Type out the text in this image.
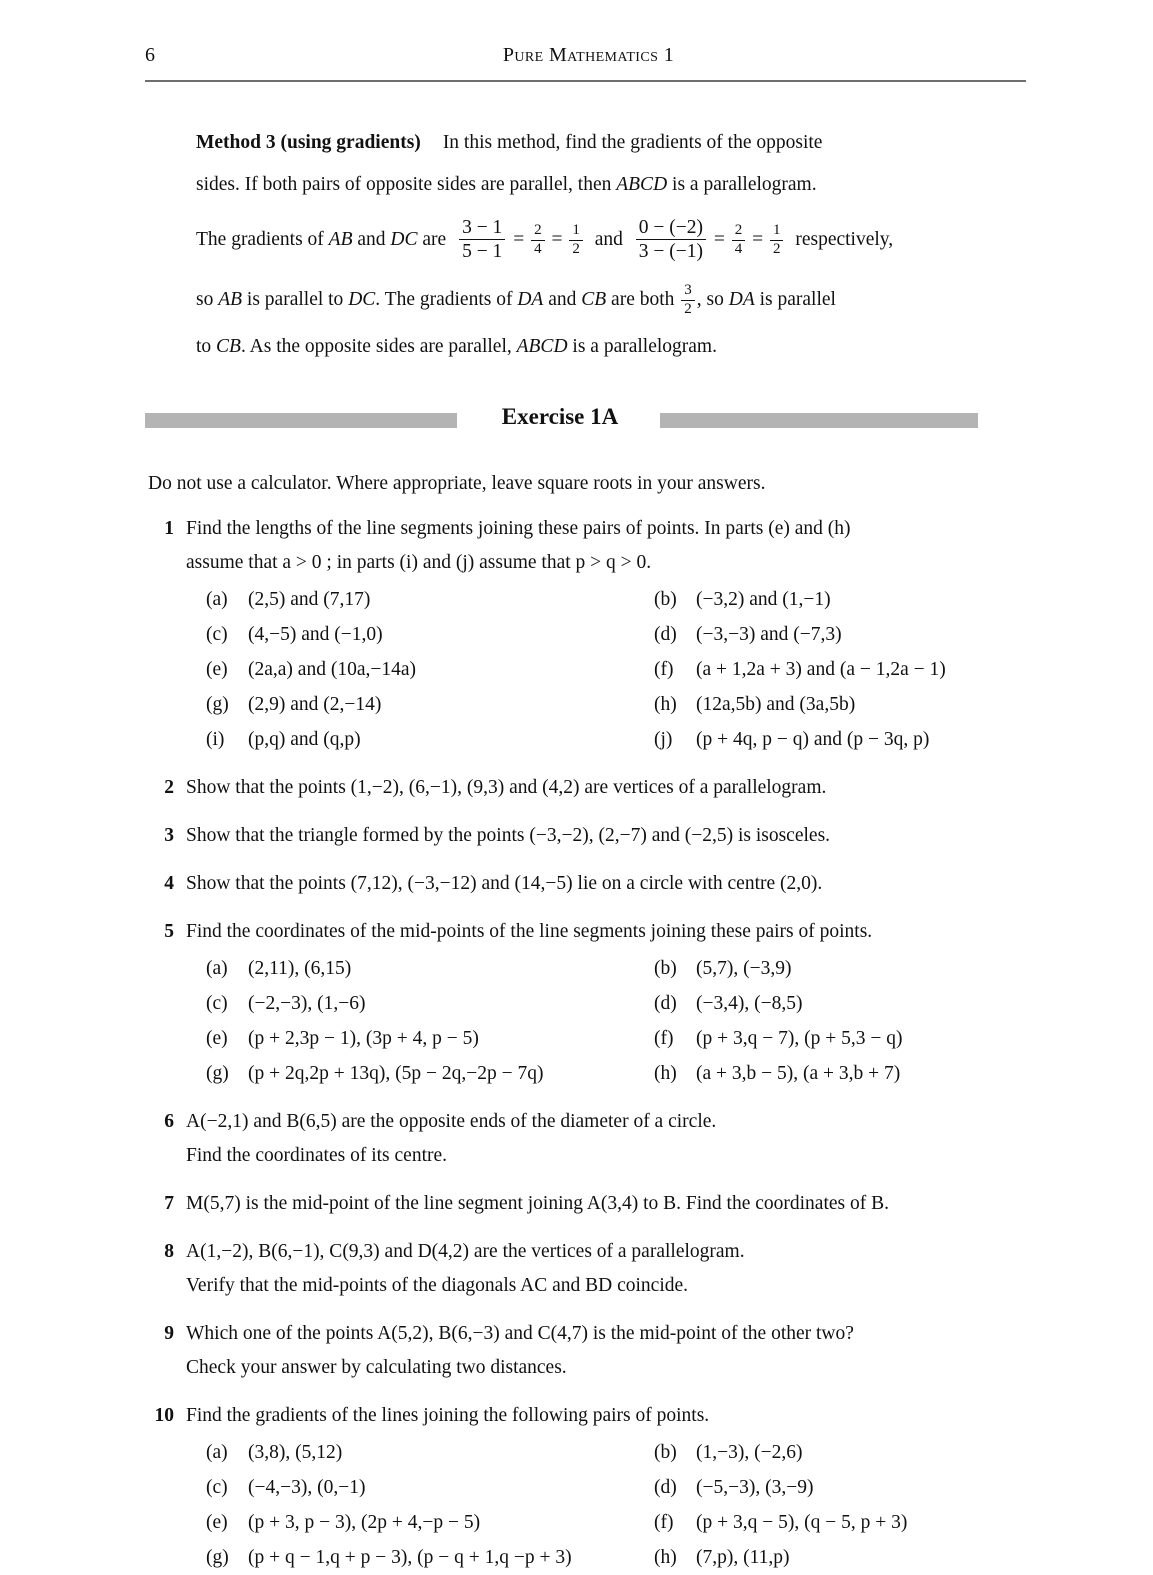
6	Pure Mathematics 1
Method 3 (using gradients) In this method, find the gradients of the opposite
sides. If both pairs of opposite sides are parallel, then ABCD is a parallelogram.
The gradients of AB and DC are $\frac{3 - 1}{5 - 1} = \frac{2}{4} = \frac{1}{2}$ and $\frac{0 - (-2)}{3 - (-1)} = \frac{2}{4} = \frac{1}{2}$ respectively,
so AB is parallel to DC. The gradients of DA and CB are both $\frac{3}{2}$ , so DA is parallel
to CB. As the opposite sides are parallel, ABCD is a parallelogram.
Exercise 1A
Do not use a calculator. Where appropriate, leave square roots in your answers.
1 Find the lengths of the line segments joining these pairs of points. In parts (e) and (h)
assume that a > 0 ; in parts (i) and (j) assume that p > q > 0.
(a)	(2,5) and (7,17)	(b) (−3,2) and (1,−1)
(c)	(4,−5) and (−1,0)	(d) (−3,−3) and (−7,3)
(e)	(2a,a) and (10a,−14a)	(f)	(a + 1,2a + 3) and (a − 1,2a − 1)
(g) (2,9) and (2,−14)	(h) (12a,5b) and (3a,5b)
(i)	(p,q) and (q,p)	(j)	(p + 4q, p − q) and (p − 3q, p)
2 Show that the points (1,−2), (6,−1), (9,3) and (4,2) are vertices of a parallelogram.
3 Show that the triangle formed by the points (−3,−2), (2,−7) and (−2,5) is isosceles.
4 Show that the points (7,12), (−3,−12) and (14,−5) lie on a circle with centre (2,0).
5 Find the coordinates of the mid-points of the line segments joining these pairs of points.
(a)	(2,11), (6,15)	(b) (5,7), (−3,9)
(c)	(−2,−3), (1,−6)	(d) (−3,4), (−8,5)
(e)	(p + 2,3p − 1), (3p + 4, p − 5)	(f)	(p + 3,q − 7), (p + 5,3 − q)
(g) (p + 2q,2p + 13q), (5p − 2q,−2p − 7q)	(h) (a + 3,b − 5), (a + 3,b + 7)
6 A(−2,1) and B(6,5) are the opposite ends of the diameter of a circle.
Find the coordinates of its centre.
7 M(5,7) is the mid-point of the line segment joining A(3,4) to B. Find the coordinates of B.
8 A(1,−2), B(6,−1), C(9,3) and D(4,2) are the vertices of a parallelogram.
Verify that the mid-points of the diagonals AC and BD coincide.
9 Which one of the points A(5,2), B(6,−3) and C(4,7) is the mid-point of the other two?
Check your answer by calculating two distances.
10 Find the gradients of the lines joining the following pairs of points.
(a)	(3,8), (5,12)	(b) (1,−3), (−2,6)
(c)	(−4,−3), (0,−1)	(d) (−5,−3), (3,−9)
(e)	(p + 3, p − 3), (2p + 4,−p − 5)	(f)	(p + 3,q − 5), (q − 5, p + 3)
(g) (p + q − 1,q + p − 3), (p − q + 1,q −p + 3)	(h) (7,p), (11,p)
